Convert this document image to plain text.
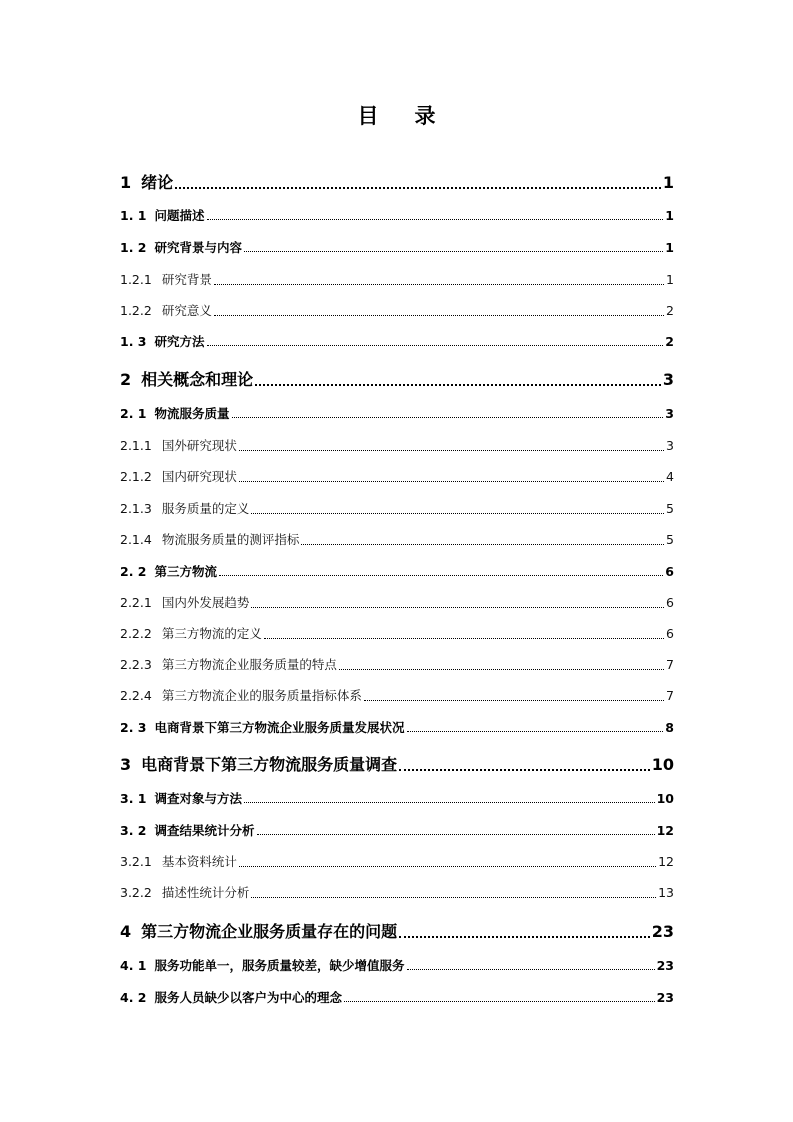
目录
1 绪论	1
1. 1 问题描述	1
1. 2 研究背景与内容	1
1.2.1 研究背景	1
1.2.2 研究意义	2
1. 3 研究方法	2
2 相关概念和理论	3
2. 1 物流服务质量	3
2.1.1 国外研究现状	3
2.1.2 国内研究现状	4
2.1.3 服务质量的定义	5
2.1.4 物流服务质量的测评指标	5
2. 2 第三方物流	6
2.2.1 国内外发展趋势	6
2.2.2 第三方物流的定义	6
2.2.3 第三方物流企业服务质量的特点	7
2.2.4 第三方物流企业的服务质量指标体系	7
2. 3 电商背景下第三方物流企业服务质量发展状况	8
3 电商背景下第三方物流服务质量调查	10
3. 1 调查对象与方法	10
3. 2 调查结果统计分析	12
3.2.1 基本资料统计	12
3.2.2 描述性统计分析	13
4 第三方物流企业服务质量存在的问题	23
4. 1 服务功能单一，服务质量较差，缺少增值服务	23
4. 2 服务人员缺少以客户为中心的理念	23
